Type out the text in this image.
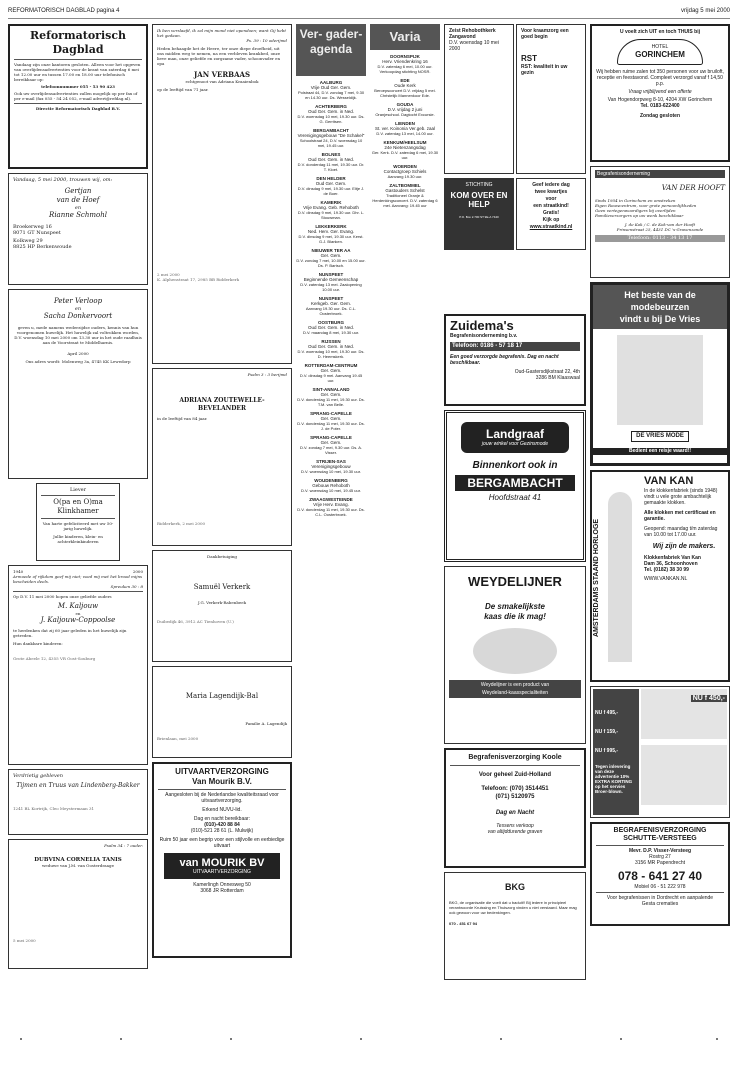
REFORMATORISCH DAGBLAD pagina 4	vrijdag 5 mei 2000
Reformatorisch Dagblad
Vandaag zijn onze kantoren gesloten. Alleen voor het opgeven van overlijdensadvertenties voor de krant van zaterdag 6 mei tot 12.00 uur en tussen 17.00 en 18.00 uur telefonisch bereikbaar op:
telefoonnummer 055 - 53 90 423
Ook uw overlijdensadvertenties zullen mogelijk op per fax of per e-mail (fax 055 - 54 24 052, e-mail advert@refdag.nl).
Directie Reformatorisch Dagblad B.V.
Vandaag, 5 mei 2000, trouwen wij, om:
Gertjan
van de Hoef
en
Rianne Schmohl
Broekerweg 16
8071 GT Nunspeet
Kolkweg 29
8825 HP Berkenwoude
Peter Verloop
en
Sacha Donkervoort
geven u, mede namens wederzijdse ouders, kennis van hun voorgenomen huwelijk. Het huwelijk zal voltrokken worden, D.V. woensdag 10 mei 2000 om 13.30 uur in het oude raadhuis aan de Voorstraat te Middelharnis.
April 2000
Ons adres wordt: Molenweg 3a, 4745 KK Lewedorp
Liever
O(pa en O)ma Klinkhamer
Van harte gefeliciteerd met uw 50-jarig huwelijk.
Jullie kinderen, klein- en achterkleinkinderen
1940	2000
Armoede of rijkdom geef mij niet; voed mij met het brood mijns bescheiden deels.
Spreuken 30 : 8
Op D.V. 11 mei 2000 hopen onze geliefde ouders
M. Kaljouw
en
J. Kaljouw-Coppoolse
te herdenken dat zij 60 jaar geleden in het huwelijk zijn getreden.
Hun dankbare kinderen:
Grote Abeele 12, 4355 VR Oost-Souburg
Verdrietig gebleven
Tijmen en Truus van Lindenberg-Bakker
1241 BL Kortrijk, Cleo Meystermaan 31
Psalm 34 : 7 ouder.
DUBVINA CORNELIA TANIS
weduwe van J.M. van Oosterdraage
5 mei 2000
Ik ben verslaafd, ik zal mijn mond niet opendoen; want Gij hebt het gedaan.
Ps. 39 : 10 oderijmd
Heden behaagde het de Heere, ter onze diepe droefheid, uit ons midden weg te nemen, na een verbleven krankbed, onze lieve man, onze geliefde en zorgzame vader, schoonvader en opa
JAN VERBAAS
echtgenoot van Adriana Kraaienbok
op de leeftijd van 71 jaar.
2 mei 2000
K. Alphenstraat 17, 2985 BB Ridderkerk
Psalm 3 : 3 berijmd
ADRIANA ZOUTEWELLE-BEVELANDER
in de leeftijd van 84 jaar.
Ridderkerk, 2 mei 2000
Dankbetuiging
Samuël Verkerk
J.G. Verkerk-Rabenbeek
Duibedijk 46, 3912 AC Tienhoven (U.)
Maria Lagendijk-Bal
Familie A. Lagendijk
Brienlaan, mei 2000
UITVAARTVERZORGING
Van Mourik B.V.
Aangesloten bij de Nederlandse kwaliteitsraad voor uitvaartverzorging.
Erkend NUVU-lid.
Dag en nacht bereikbaar:
(010)-420 88 84
(010)-521 28 61 (L. Mulwijk)
Ruim 50 jaar een begrip voor een stijlvolle en eerbiedige uitvaart
van MOURIK BV
UITVAARTVERZORGING
Kamerlingh Onnesweg 50
3068 JR Rotterdam
Ver- gader- agenda
AALBURG
Vrije Oud Ger. Gem.
Polstraat 44, D.V. zondag 7 mei, 9.30 en 14.30 uur. Ds. Wesseldijk.
ACHTERBERG
Oud Ger. Gem. in Ned.
D.V. woensdag 10 mei, 19.30 uur. Ds. G. Gerritsen.
BERGAMBACHT
Verenigingsgebouw "De Schakel"
Schoolstraat 24, D.V. woensdag 10 mei, 19.45 uur.
BOLNES
Oud Ger. Gem. in Ned.
D.V. donderdag 11 mei, 19.30 uur. Dr. T. Kloet.
DEN HELDER
Oud Ger. Gem.
D.V. dinsdag 9 mei, 19.30 uur. Eltje J. de Boer.
KAMERIK
Vrije Evang. Geb. Rehoboth
D.V. dinsdag 9 mei, 19.30 uur. Dhr. L. Stouwman.
LEKKERKERK
Ned. Herv. Ger. Evang.
D.V. dinsdag 9 mei, 19.30 uur. Kerst. G.J. Blanken.
NIEUWER TER AA
Ger. Gem.
D.V. zondag 7 mei, 10.00 en 15.00 uur. Ds. P. Bartsch.
NUNSPEET
Beginnende Gemeenschap
D.V. zaterdag 13 mei. Zaaiopening 10.00 uur.
NUNSPEET
Kerkgeb. Ger. Gem.
Aanvang 19.30 uur. Ds. C.L. Oosterbroek.
OOSTBURG
Oud Ger. Gem. in Ned.
D.V. maandag 8 mei, 19.30 uur.
RIJSSEN
Oud Ger. Gem. in Ned.
D.V. woensdag 10 mei, 19.30 uur. Ds. D. Heemskerk.
ROTTERDAM-CENTRUM
Ger. Gem.
D.V. dinsdag 9 mei. Aanvang 19.45 uur.
SINT-ANNALAND
Ger. Gem.
D.V. donderdag 11 mei, 19.30 uur. Ds. T.M. van Belle.
SPRANG-CAPELLE
Ger. Gem.
D.V. donderdag 11 mei, 19.30 uur. Ds. J. de Poter.
SPRANG-CAPELLE
Ger. Gem.
D.V. zondag 7 mei, 9.30 uur. Ds. A. Visser.
STRIJEN-SAS
Verenigingsgebouw
D.V. woensdag 10 mei, 19.30 uur.
WOUDENBERG
Gebouw Rehoboth
D.V. woensdag 10 mei, 19.45 uur.
ZWAAGWESTEINDE
Vrije Herv. Evang.
D.V. donderdag 11 mei, 19.30 uur. Ds. C.L. Oosterbroek.
Varia
DOORNSPIJK
Herv. Vriendenkring 16
D.V. zaterdag 6 mei, 10.00 uur. Verkoopdag stichting NOSR.
EDE
Oude Kerk
Beroepsconcert D.V. vrijdag 5 mei. Christelijk Mannenkoor Ede.
GOUDA
D.V. vrijdag 2 juni
Oranjeschool. Dagtocht Excursie.
LIENDEN
St. ver. Koinonia Ver.geb. zaal
D.V. zaterdag 13 mei, 14.00 uur.
KENKUM/HEELSUM
24e Nietenzangsdag
Ger. Kerk. D.V. zaterdag 6 mei, 19.30 uur.
WOERDEN
Contactgroep Schiels
Aanvang 19.30 uur.
ZALTBOMMEL
Gastouders Schelst
Traditioneel Oranje & Herdenkingsconcert. D.V. zaterdag 6 mei. Aanvang: 19.45 uur
Zeist Rehobothkerk Zangavond
D.V. woensdag 10 mei 2000
Voor kraamzorg een goed begin
RST
RST: kwaliteit in uw gezin
STICHTING
KOM OVER EN HELP
P.O. Box 2.700 ST 9E-A 7440
Geef iedere dag
twee kwartjes
voor
een straatkind!
Gratis!
Kijk op
www.straatkind.nl
Zuidema's
Begrafenisonderneming b.v.
Telefoon: 0186 - 57 18 17
Een goed verzorgde begrafenis. Dag en nacht beschikbaar.
Oud-Gastersdijkstraat 22, 4th
3286 BM Klaaswaal
Landgraaf
jouw winkel voor Gezinsmode
Binnenkort ook in
BERGAMBACHT
Hoofdstraat 41
WEYDELIJNER
De smakelijkste
kaas die ik mag!
Weydelijner is een product van
Weydeland-kaasspecialiteiten
Begrafenisverzorging Koole
Voor geheel Zuid-Holland
Telefoon: (070) 3514451
(071) 5120975
Dag en Nacht
Tessens verkoop
van altijddurende graven
BKG
BKG, de organisatie die voelt dat u baduit!! Bij iedere in principieel verantwoorde Kruissing en Thuiszorg vinden u niet verstaard. Maar mag ook gewoon voor uw bedenkingen.
070 - 451 67 94
U voelt zich UIT en toch THUIS bij
HOTEL
GORINCHEM
Wij hebben ruime zalen tot 350 personen voor uw bruiloft, receptie en feestavond. Compleet verzorgd vanaf f 14,50 p.p.
Vraag vrijblijvend een offerte
Van Hogendorpweg 8-10, 4204 XW Gorinchem
Tel. 0183-622400
Zondag gesloten
Begrafenisonderneming
VAN DER HOOFT
Sinds 1954 in Gorinchem en omstreken
Eigen Rouwcentrum, voor grote persoonlijkheden
Geen vertegenwoordigers bij overlijden
Familieverzorgers op uw wenk beschikbaar
J. de Kok / C. de Kok-van der Hooft
Prinsenstraat 25, 4431 DC 's-Gravenzande
Telefoon: 0113 - 34 13 17
Het beste van de modebeurzen
vindt u bij De Vries
DE VRIES MODE
Bedient een reisje waard!!
AMSTERDAMS STAAND HORLOGE
VAN KAN
In de klokkenfabriek (sinds 1948) vindt u vele grote ambachtelijk gemaakte klokken.
Alle klokken met certificaat en garantie.
Geopend: maandag t/m zaterdag van 10.00 tot 17.00 uur.
Wij zijn de makers.
Klokkenfabriek Van Kan
Dam 36, Schoonhoven
Tel. (0182) 38 30 99
WWW.VANKAN.NL
NU f 495,-
NU f 159,-
NU f 995,-
Tegen inlevering van deze advertentie 10% EXTRA KORTING op het servies Broer-blown.
NU f 450,-
BEGRAFENISVERZORGING
SCHUTTE-VERSTEEG
Mevr. D.P. Visser-Versteeg
Rostrg 27
3156 MR Papendrecht
078 - 641 27 40
Mobiel 06 - 51 222 978
Voor begrafenissen in Dordrecht en aanpalende
Gesta crematies
